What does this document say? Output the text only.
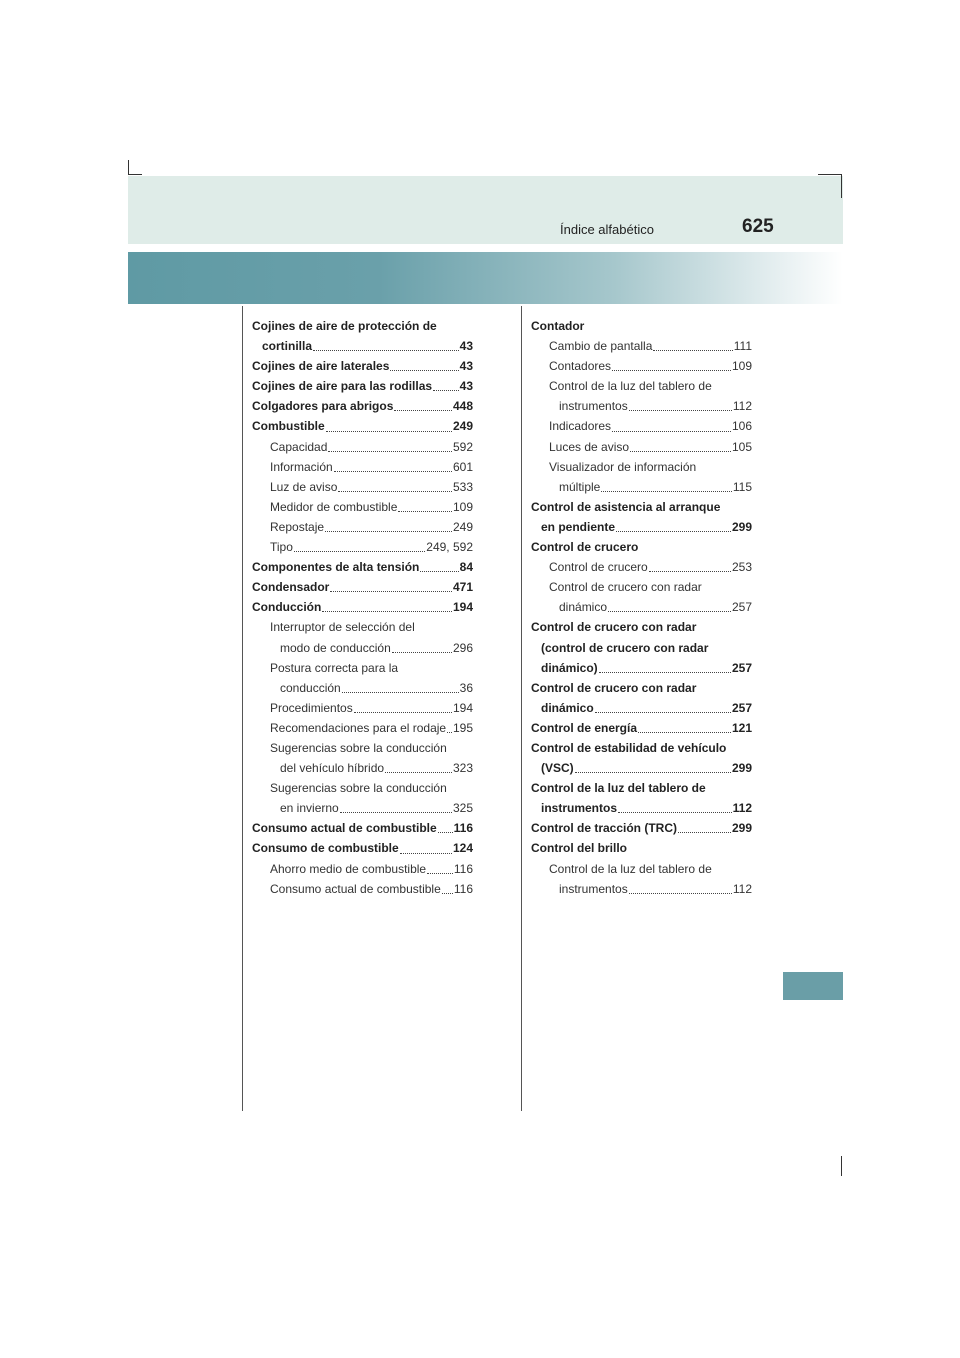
Índice alfabético	625
Cojines de aire de protección de
cortinilla	43
Cojines de aire laterales	43
Cojines de aire para las rodillas 43
Colgadores para abrigos	448
Combustible	249
Capacidad	592
Información	601
Luz de aviso	533
Medidor de combustible	109
Repostaje	249
Tipo	249, 592
Componentes de alta tensión	84
Condensador	471
Conducción	194
Interruptor de selección del
modo de conducción	296
Postura correcta para la
conducción	36
Procedimientos	194
Recomendaciones para el rodaje 195
Sugerencias sobre la conducción
del vehículo híbrido	323
Sugerencias sobre la conducción
en invierno	325
Consumo actual de combustible 116
Consumo de combustible	124
Ahorro medio de combustible 116
Consumo actual de combustible 116
Contador
Cambio de pantalla	111
Contadores	109
Control de la luz del tablero de
instrumentos	112
Indicadores	106
Luces de aviso	105
Visualizador de información
múltiple	115
Control de asistencia al arranque
en pendiente	299
Control de crucero
Control de crucero	253
Control de crucero con radar
dinámico	257
Control de crucero con radar
(control de crucero con radar
dinámico)	257
Control de crucero con radar
dinámico	257
Control de energía	121
Control de estabilidad de vehículo
(VSC)	299
Control de la luz del tablero de
instrumentos	112
Control de tracción (TRC)	299
Control del brillo
Control de la luz del tablero de
instrumentos	112
